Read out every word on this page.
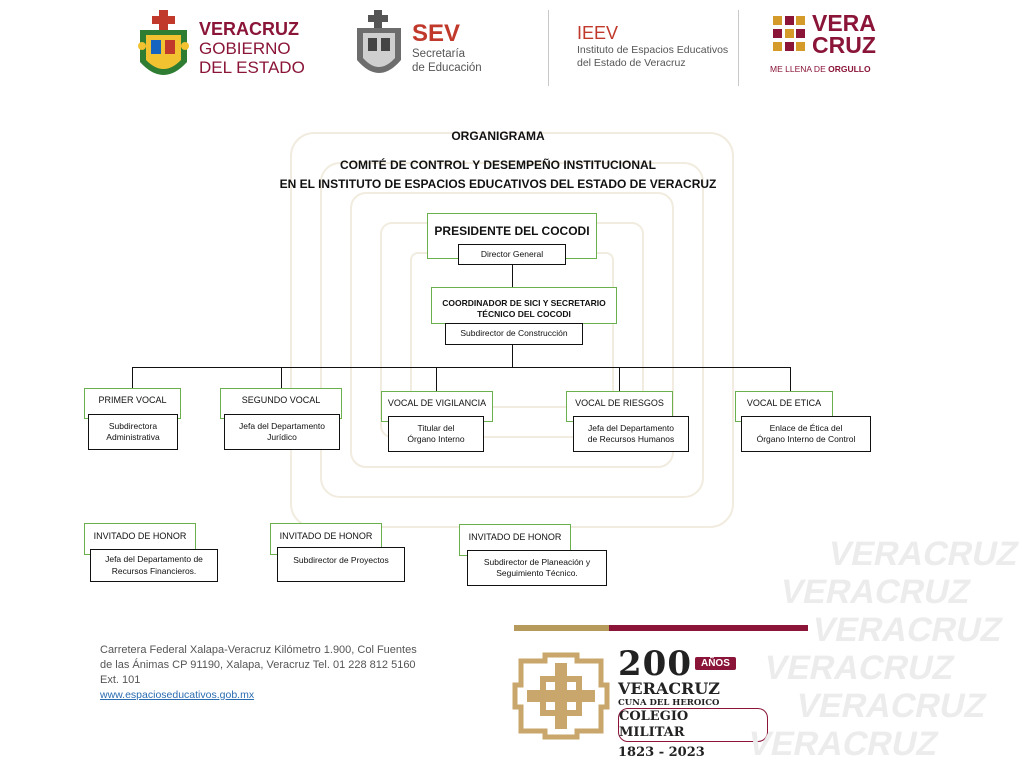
VERACRUZ
GOBIERNO
DEL ESTADO
SEV
Secretaría
de Educación
IEEV
Instituto de Espacios Educativos
del Estado de Veracruz
VERA
CRUZ
ME LLENA DE ORGULLO
ORGANIGRAMA
COMITÉ DE CONTROL Y DESEMPEÑO INSTITUCIONAL
EN EL INSTITUTO DE ESPACIOS EDUCATIVOS DEL ESTADO DE VERACRUZ
PRESIDENTE DEL COCODI
Director General
COORDINADOR DE SICI Y SECRETARIO
TÉCNICO DEL COCODI
Subdirector de Construcción
PRIMER VOCAL
Subdirectora
Administrativa
SEGUNDO VOCAL
Jefa del Departamento
Jurídico
VOCAL DE VIGILANCIA
Titular del
Órgano Interno
VOCAL DE RIESGOS
Jefa del Departamento
de Recursos Humanos
VOCAL DE ETICA
Enlace de Ética del
Órgano Interno de Control
INVITADO DE HONOR
Jefa del Departamento de
Recursos Financieros.
INVITADO DE HONOR
Subdirector de Proyectos
INVITADO DE HONOR
Subdirector de Planeación y
Seguimiento Técnico.
Carretera Federal Xalapa-Veracruz Kilómetro 1.900, Col Fuentes
de las Ánimas CP 91190, Xalapa, Veracruz Tel. 01 228 812 5160
Ext. 101
www.espacioseducativos.gob.mx
200 AÑOS
VERACRUZ
CUNA DEL HEROICO
COLEGIO MILITAR
1823 - 2023
VERACRUZ
VERACRUZ
VERACRUZ
VERACRUZ
VERACRUZ
VERACRUZ
